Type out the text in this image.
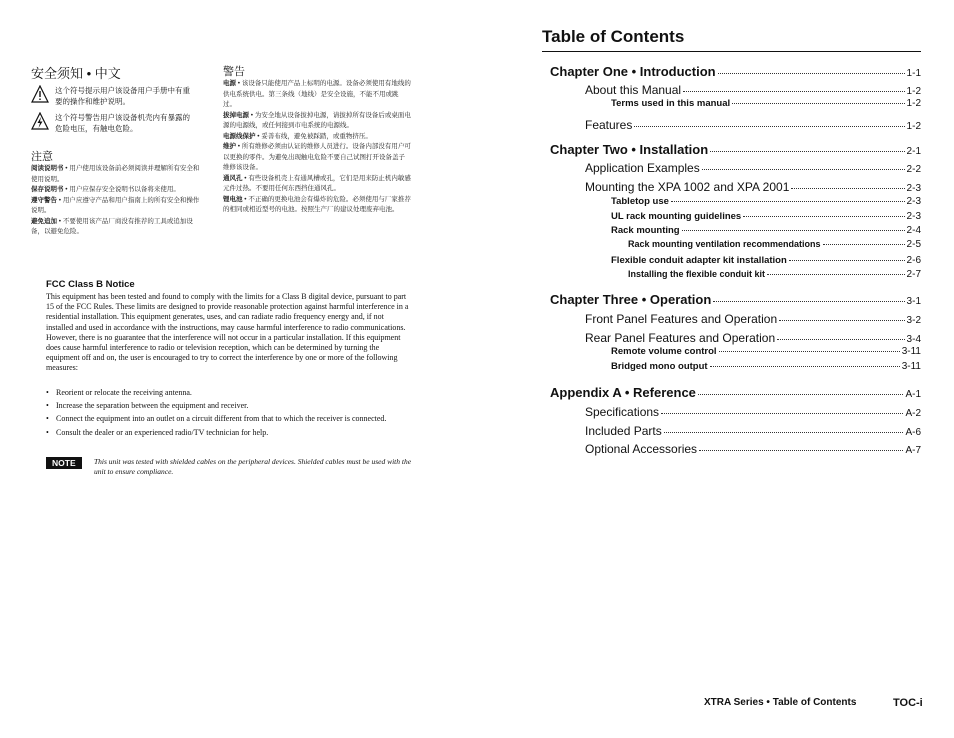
安全须知 • 中文
这个符号提示用户该设备用户手册中有重要的操作和维护说明。
这个符号警告用户该设备机壳内有暴露的危险电压，有触电危险。
注意
阅读说明书 • 用户使用该设备前必须阅读并理解所有安全和使用说明。
保存说明书 • 用户应保存安全说明书以备将来使用。
遵守警告 • 用户应遵守产品和用户指南上的所有安全和操作说明。
避免追加 • 不要使用该产品厂商没有推荐的工具或追加设备，以避免危险。
警告
电源 • 该设备只能使用产品上标明的电源。设备必须使用有地线的供电系统供电。第三条线（地线）是安全设施，不能不用或跳过。
拔掉电源 • 为安全地从设备拔掉电源，请拔掉所有设备后或桌面电源的电源线，或任何接到市电系统的电源线。
电源线保护 • 妥善布线，避免被踩踏，或重物挤压。
维护 • 所有维修必须由认证的维修人员进行。设备内部没有用户可以更换的零件。为避免出现触电危险不要自己试图打开设备盖子维修该设备。
通风孔 • 有些设备机壳上有通风槽或孔，它们是用来防止机内敏感元件过热。不要用任何东西挡住通风孔。
锂电池 • 不正确的更换电池会有爆炸的危险。必须使用与厂家推荐的相同或相近型号的电池。按照生产厂的建议处理废弃电池。
FCC Class B Notice
This equipment has been tested and found to comply with the limits for a Class B digital device, pursuant to part 15 of the FCC Rules. These limits are designed to provide reasonable protection against harmful interference in a residential installation. This equipment generates, uses, and can radiate radio frequency energy and, if not installed and used in accordance with the instructions, may cause harmful interference to radio communications. However, there is no guarantee that the interference will not occur in a particular installation. If this equipment does cause harmful interference to radio or television reception, which can be determined by turning the equipment off and on, the user is encouraged to try to correct the interference by one or more of the following measures:
• Reorient or relocate the receiving antenna.
• Increase the separation between the equipment and receiver.
• Connect the equipment into an outlet on a circuit different from that to which the receiver is connected.
• Consult the dealer or an experienced radio/TV technician for help.
NOTE	This unit was tested with shielded cables on the peripheral devices. Shielded cables must be used with the unit to ensure compliance.
Table of Contents
Chapter One • Introduction	1-1
About this Manual	1-2
Terms used in this manual	1-2
Features	1-2
Chapter Two • Installation	2-1
Application Examples	2-2
Mounting the XPA 1002 and XPA 2001	2-3
Tabletop use	2-3
UL rack mounting guidelines	2-3
Rack mounting	2-4
Rack mounting ventilation recommendations	2-5
Flexible conduit adapter kit installation	2-6
Installing the flexible conduit kit	2-7
Chapter Three • Operation	3-1
Front Panel Features and Operation	3-2
Rear Panel Features and Operation	3-4
Remote volume control	3-11
Bridged mono output	3-11
Appendix A • Reference	A-1
Specifications	A-2
Included Parts	A-6
Optional Accessories	A-7
XTRA Series • Table of Contents	TOC-i
